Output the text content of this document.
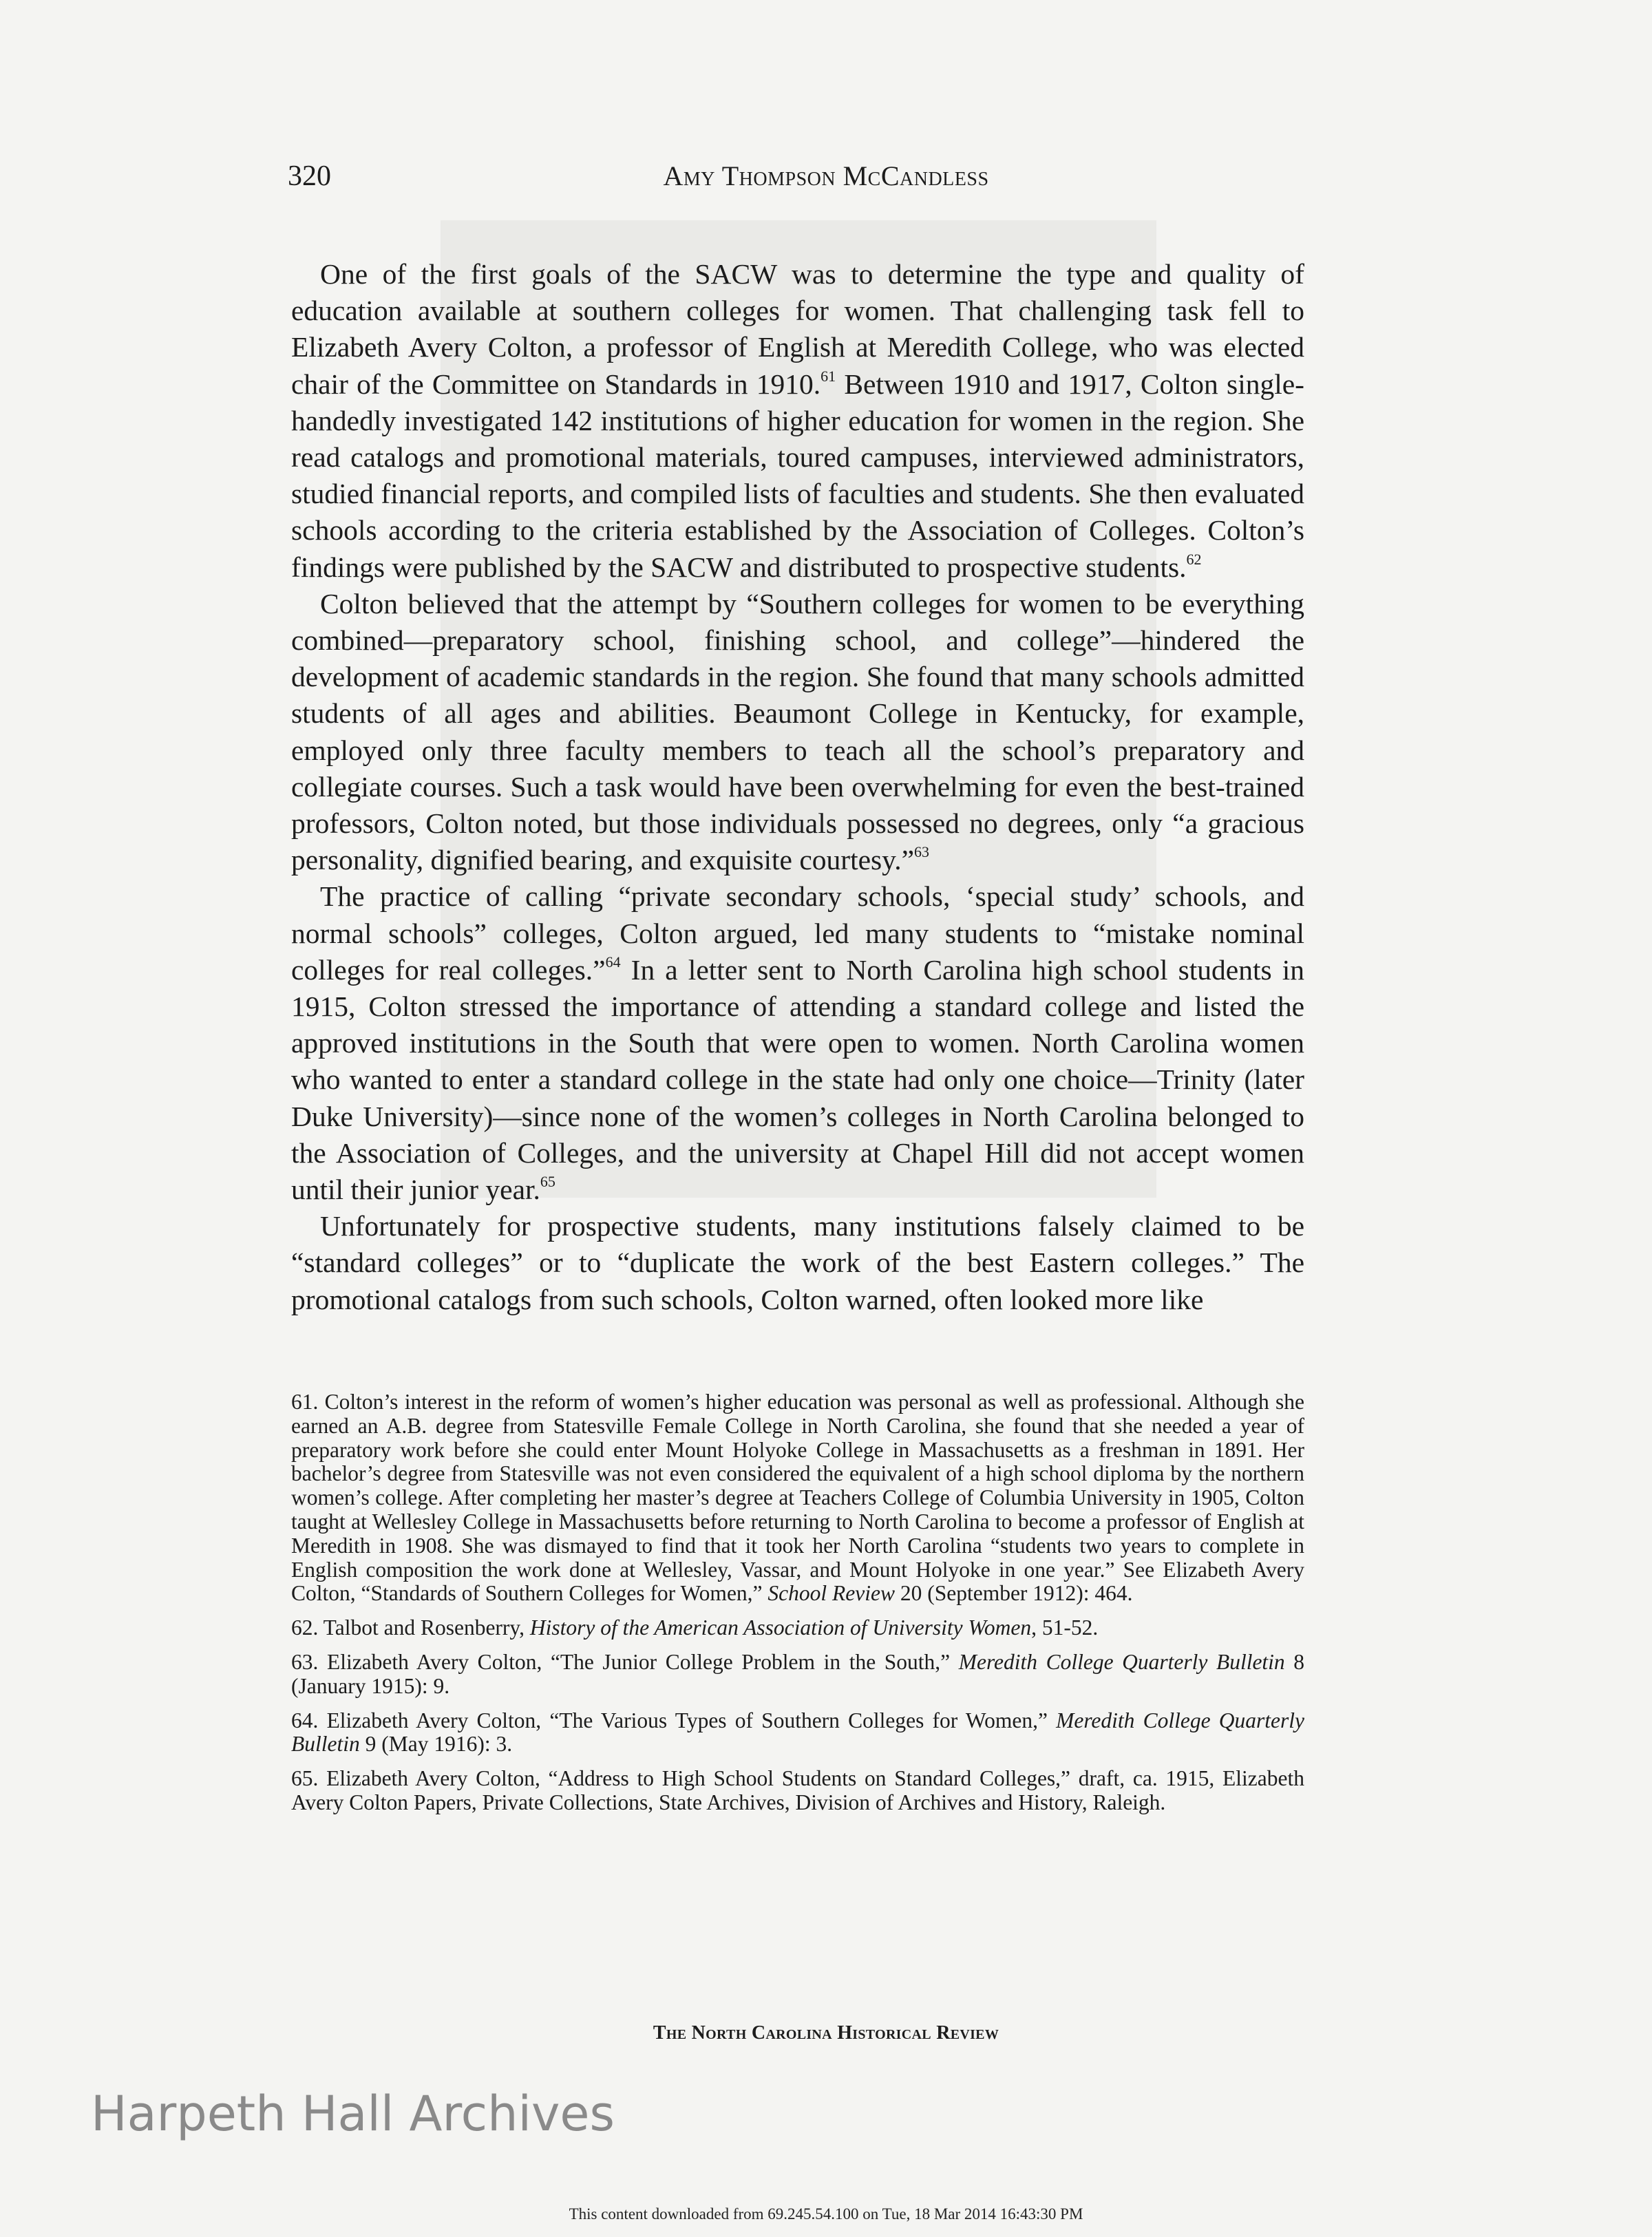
320	Amy Thompson McCandless

One of the first goals of the SACW was to determine the type and quality of education available at southern colleges for women. That challenging task fell to Elizabeth Avery Colton, a professor of English at Meredith College, who was elected chair of the Committee on Standards in 1910.61 Between 1910 and 1917, Colton single-handedly investigated 142 institutions of higher education for women in the region. She read catalogs and promotional materials, toured campuses, interviewed administrators, studied financial reports, and compiled lists of faculties and students. She then evaluated schools according to the criteria established by the Association of Colleges. Colton’s findings were published by the SACW and distributed to prospective students.$^{62}$

Colton believed that the attempt by “Southern colleges for women to be everything combined—preparatory school, finishing school, and college”—hindered the development of academic standards in the region. She found that many schools admitted students of all ages and abilities. Beaumont College in Kentucky, for example, employed only three faculty members to teach all the school’s preparatory and collegiate courses. Such a task would have been overwhelming for even the best-trained professors, Colton noted, but those individuals possessed no degrees, only “a gracious personality, dignified bearing, and exquisite courtesy.”$^{63}$

The practice of calling “private secondary schools, ‘special study’ schools, and normal schools” colleges, Colton argued, led many students to “mistake nominal colleges for real colleges.”$^{64}$ In a letter sent to North Carolina high school students in 1915, Colton stressed the importance of attending a standard college and listed the approved institutions in the South that were open to women. North Carolina women who wanted to enter a standard college in the state had only one choice—Trinity (later Duke University)—since none of the women’s colleges in North Carolina belonged to the Association of Colleges, and the university at Chapel Hill did not accept women until their junior year.$^{65}$

Unfortunately for prospective students, many institutions falsely claimed to be “standard colleges” or to “duplicate the work of the best Eastern colleges.” The promotional catalogs from such schools, Colton warned, often looked more like

61. Colton’s interest in the reform of women’s higher education was personal as well as professional. Although she earned an A.B. degree from Statesville Female College in North Carolina, she found that she needed a year of preparatory work before she could enter Mount Holyoke College in Massachusetts as a freshman in 1891. Her bachelor’s degree from Statesville was not even considered the equivalent of a high school diploma by the northern women’s college. After completing her master’s degree at Teachers College of Columbia University in 1905, Colton taught at Wellesley College in Massachusetts before returning to North Carolina to become a professor of English at Meredith in 1908. She was dismayed to find that it took her North Carolina “students two years to complete in English composition the work done at Wellesley, Vassar, and Mount Holyoke in one year.” See Elizabeth Avery Colton, “Standards of Southern Colleges for Women,” School Review 20 (September 1912): 464.

62. Talbot and Rosenberry, History of the American Association of University Women, 51-52.

63. Elizabeth Avery Colton, “The Junior College Problem in the South,” Meredith College Quarterly Bulletin 8 (January 1915): 9.

64. Elizabeth Avery Colton, “The Various Types of Southern Colleges for Women,” Meredith College Quarterly Bulletin 9 (May 1916): 3.

65. Elizabeth Avery Colton, “Address to High School Students on Standard Colleges,” draft, ca. 1915, Elizabeth Avery Colton Papers, Private Collections, State Archives, Division of Archives and History, Raleigh.

The North Carolina Historical Review
Harpeth Hall Archives
This content downloaded from 69.245.54.100 on Tue, 18 Mar 2014 16:43:30 PM
